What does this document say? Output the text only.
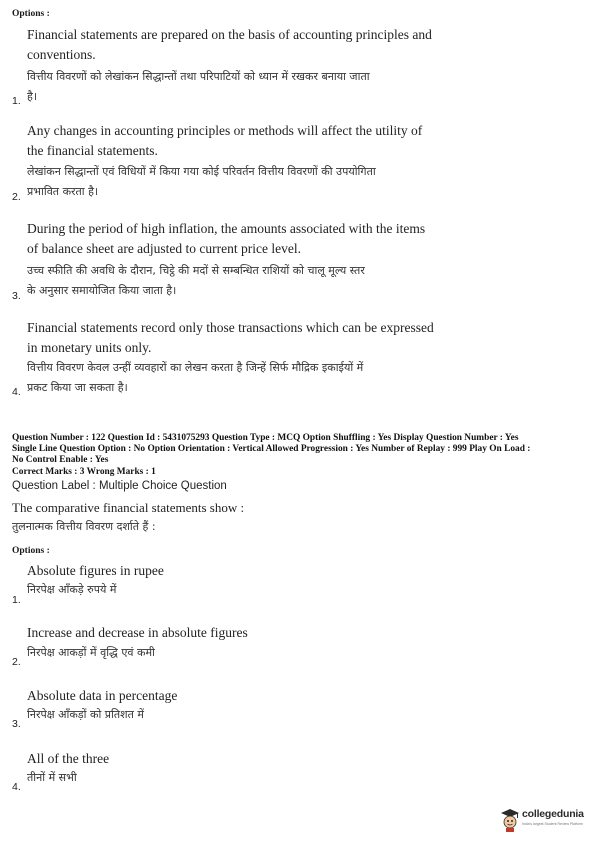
Options :
Financial statements are prepared on the basis of accounting principles and
conventions.
वित्तीय विवरणों को लेखांकन सिद्धान्तों तथा परिपाटियों को ध्यान में रखकर बनाया जाता
है।
1.
Any changes in accounting principles or methods will affect the utility of
the financial statements.
लेखांकन सिद्धान्तों एवं विधियों में किया गया कोई परिवर्तन वित्तीय विवरणों की उपयोगिता
प्रभावित करता है।
2.
During the period of high inflation, the amounts associated with the items
of balance sheet are adjusted to current price level.
उच्च स्फीति की अवधि के दौरान, चिट्ठे की मदों से सम्बन्धित राशियों को चालू मूल्य स्तर
के अनुसार समायोजित किया जाता है।
3.
Financial statements record only those transactions which can be expressed
in monetary units only.
वित्तीय विवरण केवल उन्हीं व्यवहारों का लेखन करता है जिन्हें सिर्फ मौद्रिक इकाईयों में
प्रकट किया जा सकता है।
4.
Question Number : 122 Question Id : 5431075293 Question Type : MCQ Option Shuffling : Yes Display Question Number : Yes
Single Line Question Option : No Option Orientation : Vertical Allowed Progression : Yes Number of Replay : 999 Play On Load :
No Control Enable : Yes
Correct Marks : 3 Wrong Marks : 1
Question Label : Multiple Choice Question
The comparative financial statements show :
तुलनात्मक वित्तीय विवरण दर्शाते हैं :
Options :
Absolute figures in rupee
निरपेक्ष आँकड़े रुपये में
1.
Increase and decrease in absolute figures
निरपेक्ष आकड़ों में वृद्धि एवं कमी
2.
Absolute data in percentage
निरपेक्ष आँकड़ों को प्रतिशत में
3.
All of the three
तीनों में सभी
4.
collegedunia
India's largest Student Review Platform
